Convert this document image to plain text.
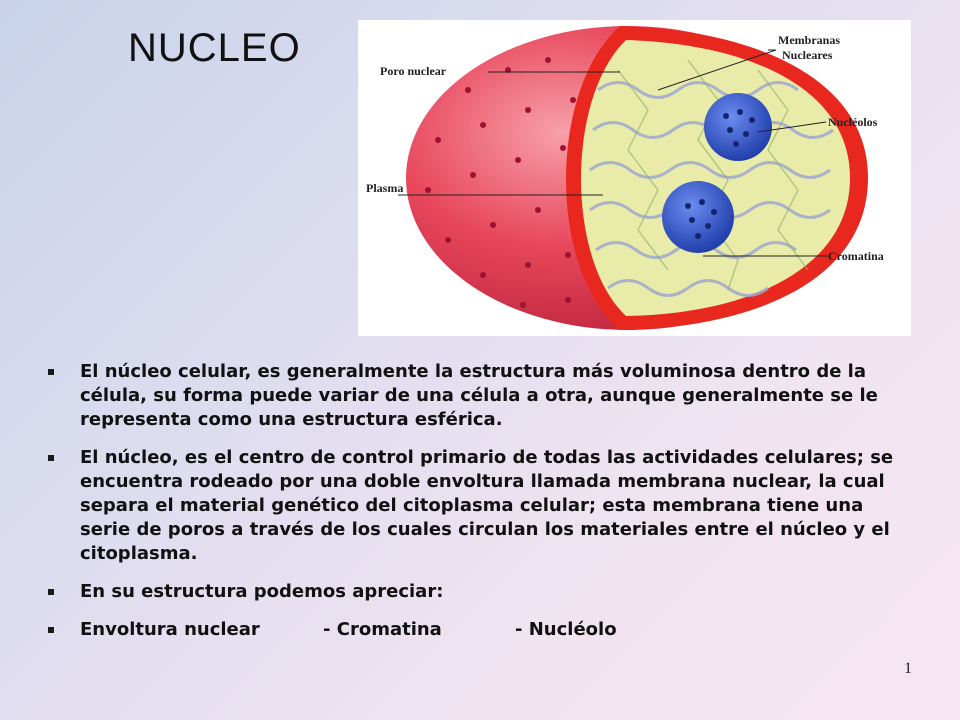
NUCLEO	Membranas
Nucleares
Poro nuclear
Nucléolos
Plasma
Cromatina
El núcleo celular, es generalmente la estructura más voluminosa dentro de la célula, su forma puede variar de una célula a otra, aunque generalmente se le representa como una estructura esférica.
El núcleo, es el centro de control primario de todas las actividades celulares; se encuentra rodeado por una doble envoltura llamada membrana nuclear, la cual separa el material genético del citoplasma celular; esta membrana tiene una serie de poros a través de los cuales circulan los materiales entre el núcleo y el citoplasma.
En su estructura podemos apreciar:
Envoltura nuclear	- Cromatina	- Nucléolo
1
